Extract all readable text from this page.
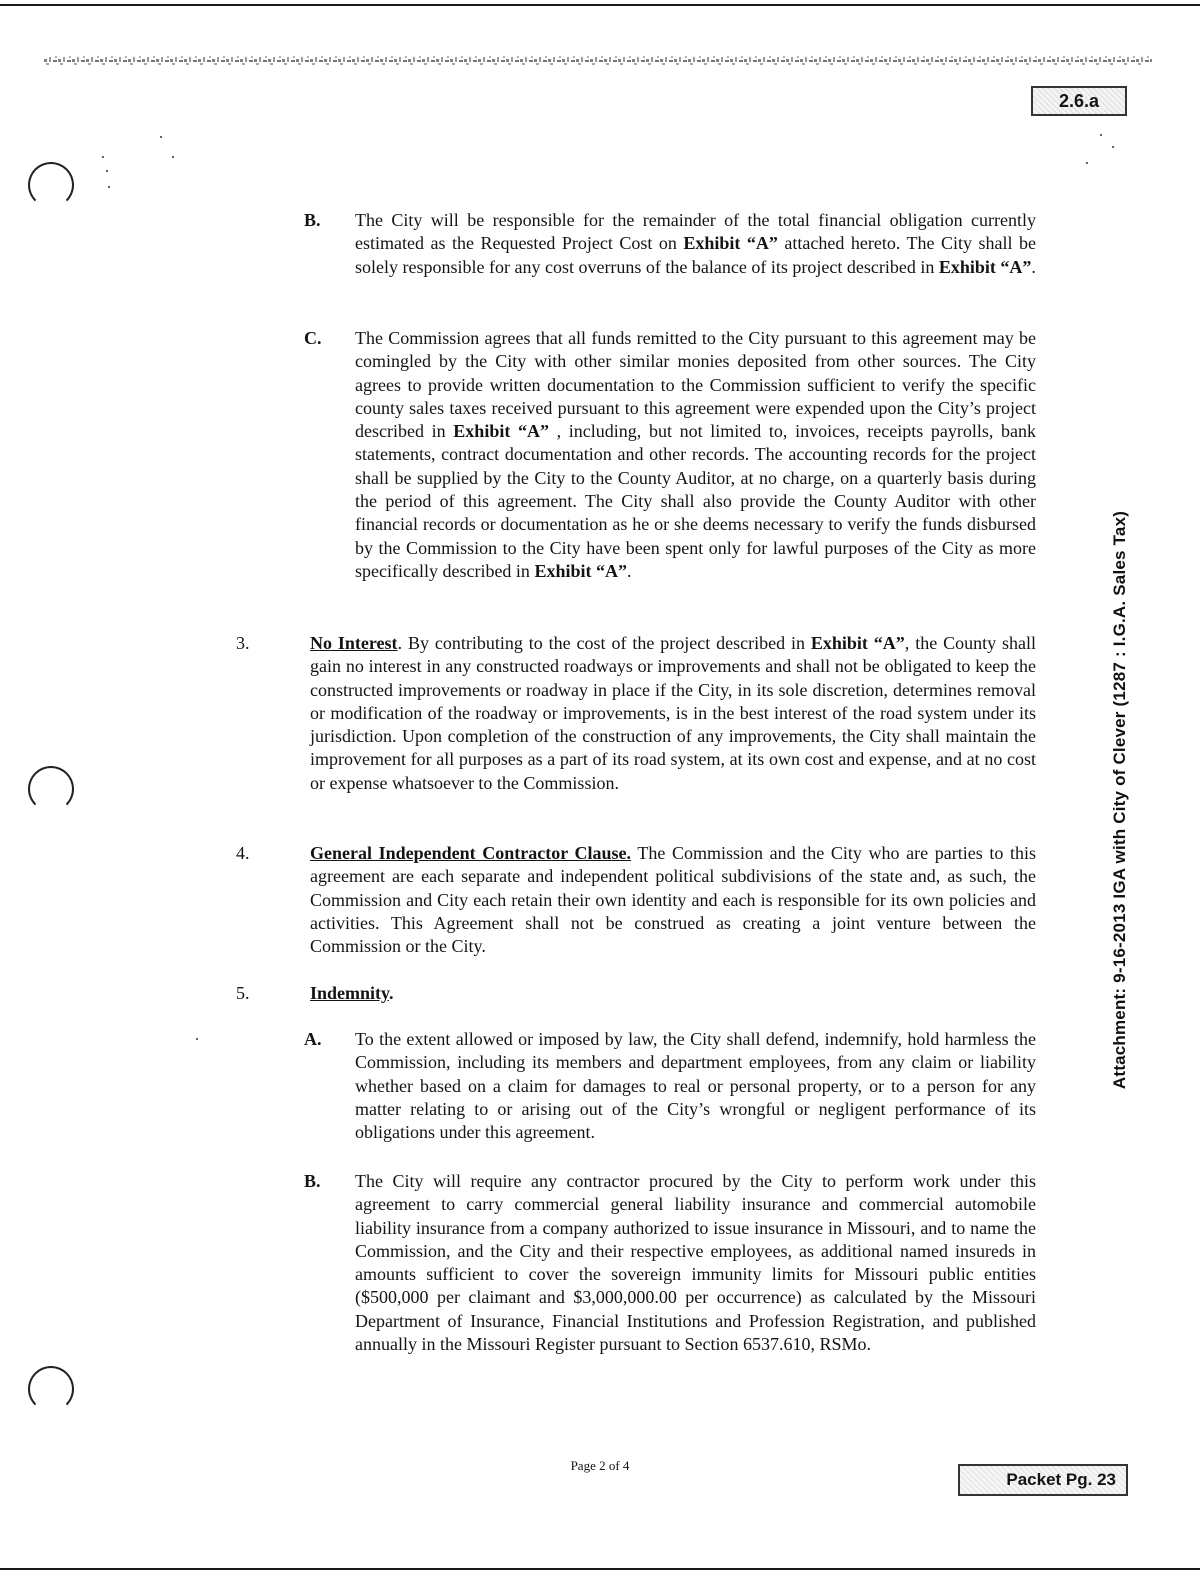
2.6.a
Attachment: 9-16-2013 IGA with City of Clever (1287 : I.G.A. Sales Tax)
B. The City will be responsible for the remainder of the total financial obligation currently estimated as the Requested Project Cost on Exhibit “A” attached hereto. The City shall be solely responsible for any cost overruns of the balance of its project described in Exhibit “A”.

C. The Commission agrees that all funds remitted to the City pursuant to this agreement may be comingled by the City with other similar monies deposited from other sources. The City agrees to provide written documentation to the Commission sufficient to verify the specific county sales taxes received pursuant to this agreement were expended upon the City’s project described in Exhibit “A” , including, but not limited to, invoices, receipts payrolls, bank statements, contract documentation and other records. The accounting records for the project shall be supplied by the City to the County Auditor, at no charge, on a quarterly basis during the period of this agreement. The City shall also provide the County Auditor with other financial records or documentation as he or she deems necessary to verify the funds disbursed by the Commission to the City have been spent only for lawful purposes of the City as more specifically described in Exhibit “A”.

3.	No Interest. By contributing to the cost of the project described in Exhibit “A”, the County shall gain no interest in any constructed roadways or improvements and shall not be obligated to keep the constructed improvements or roadway in place if the City, in its sole discretion, determines removal or modification of the roadway or improvements, is in the best interest of the road system under its jurisdiction. Upon completion of the construction of any improvements, the City shall maintain the improvement for all purposes as a part of its road system, at its own cost and expense, and at no cost or expense whatsoever to the Commission.

4.	General Independent Contractor Clause. The Commission and the City who are parties to this agreement are each separate and independent political subdivisions of the state and, as such, the Commission and City each retain their own identity and each is responsible for its own policies and activities. This Agreement shall not be construed as creating a joint venture between the Commission or the City.

5.	Indemnity.

A. To the extent allowed or imposed by law, the City shall defend, indemnify, hold harmless the Commission, including its members and department employees, from any claim or liability whether based on a claim for damages to real or personal property, or to a person for any matter relating to or arising out of the City’s wrongful or negligent performance of its obligations under this agreement.

B. The City will require any contractor procured by the City to perform work under this agreement to carry commercial general liability insurance and commercial automobile liability insurance from a company authorized to issue insurance in Missouri, and to name the Commission, and the City and their respective employees, as additional named insureds in amounts sufficient to cover the sovereign immunity limits for Missouri public entities ($500,000 per claimant and $3,000,000.00 per occurrence) as calculated by the Missouri Department of Insurance, Financial Institutions and Profession Registration, and published annually in the Missouri Register pursuant to Section 6537.610, RSMo.

Page 2 of 4
Packet Pg. 23
